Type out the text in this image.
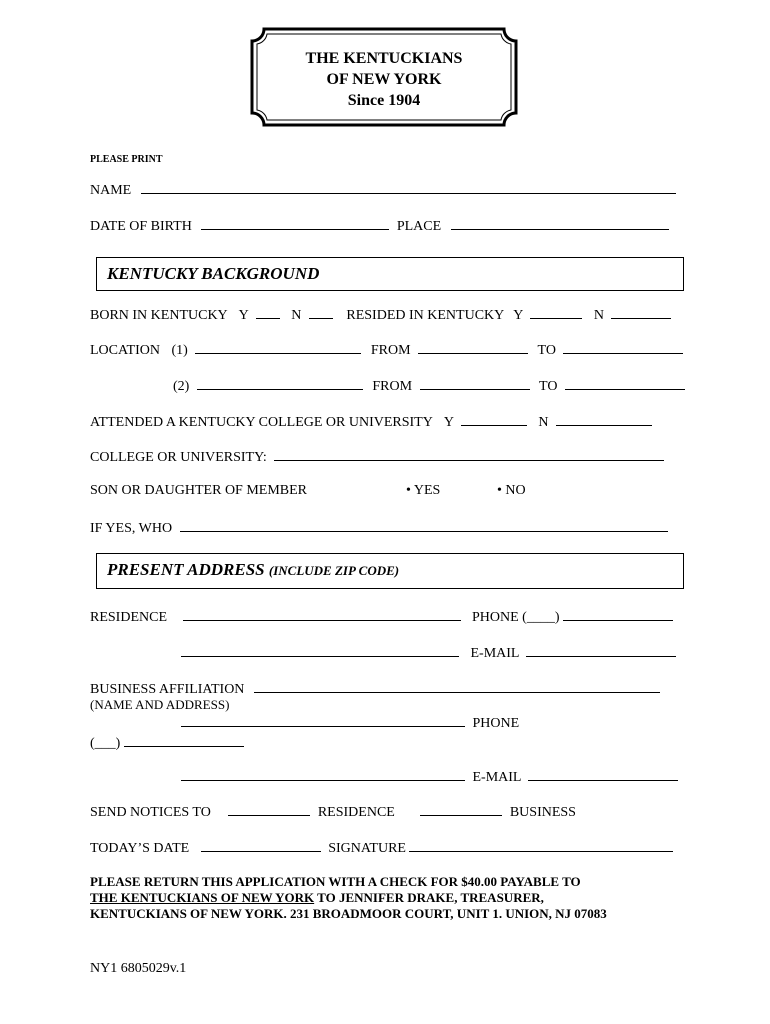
THE KENTUCKIANS
OF NEW YORK
Since 1904
PLEASE PRINT
NAME
DATE OF BIRTH	PLACE
KENTUCKY BACKGROUND
BORN IN KENTUCKY Y	N	RESIDED IN KENTUCKY Y	N
LOCATION (1)	FROM	TO
(2)	FROM	TO
ATTENDED A KENTUCKY COLLEGE OR UNIVERSITY Y	N
COLLEGE OR UNIVERSITY:
SON OR DAUGHTER OF MEMBER	• YES	• NO
IF YES, WHO
PRESENT ADDRESS (INCLUDE ZIP CODE)
RESIDENCE	PHONE (____)
E-MAIL
BUSINESS AFFILIATION
(NAME AND ADDRESS)
PHONE
(___)
E-MAIL
SEND NOTICES TO	RESIDENCE	BUSINESS
TODAY’S DATE	SIGNATURE
PLEASE RETURN THIS APPLICATION WITH A CHECK FOR $40.00 PAYABLE TO
THE KENTUCKIANS OF NEW YORK TO JENNIFER DRAKE, TREASURER,
KENTUCKIANS OF NEW YORK. 231 BROADMOOR COURT, UNIT 1. UNION, NJ 07083
NY1 6805029v.1
